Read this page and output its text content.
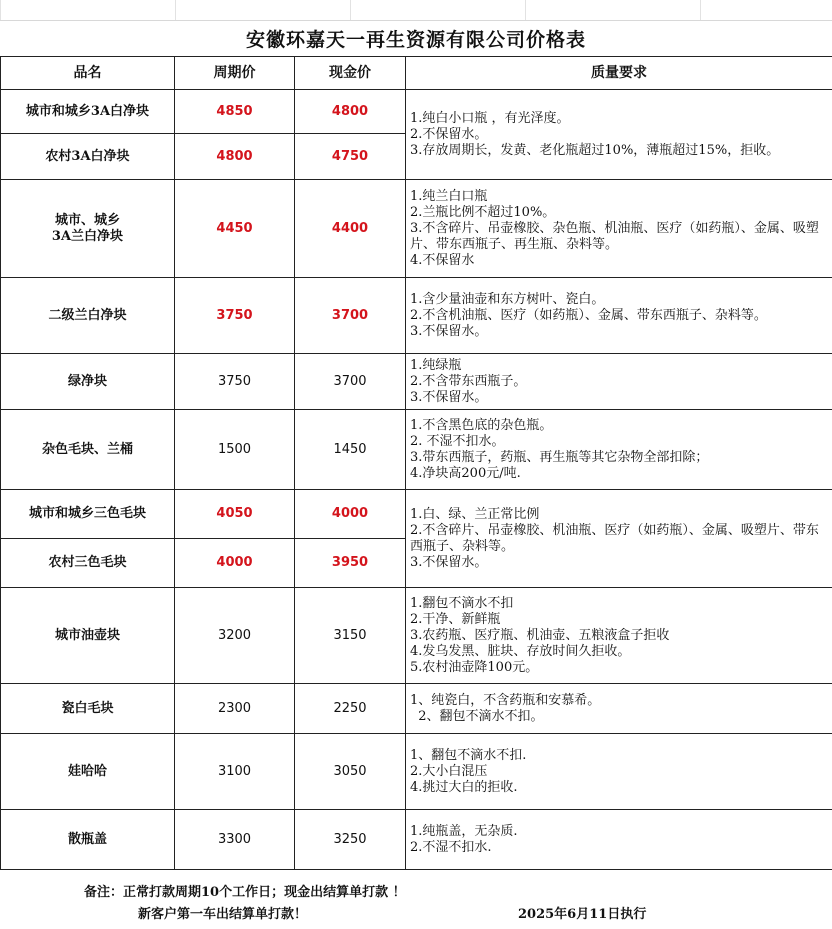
安徽环嘉天一再生资源有限公司价格表
品名	周期价	现金价	质量要求
城市和城乡3A白净块	4850	4800	1.纯白小口瓶 ，有光泽度。
2.不保留水。
3.存放周期长，发黄、老化瓶超过10%，薄瓶超过15%，拒收。

农村3A白净块	4800	4750	
城市、城乡
3A兰白净块	4450	4400	1.纯兰白口瓶
2.兰瓶比例不超过10%。
3.不含碎片、吊壶橡胶、杂色瓶、机油瓶、医疗（如药瓶）、金属、吸塑片、带东西瓶子、再生瓶、杂料等。
4.不保留水

二级兰白净块	3750	3700	1.含少量油壶和东方树叶、瓷白。
2.不含机油瓶、医疗（如药瓶）、金属、带东西瓶子、杂料等。
3.不保留水。

绿净块	3750	3700	1.纯绿瓶
2.不含带东西瓶子。
3.不保留水。

杂色毛块、兰桶	1500	1450	1.不含黑色底的杂色瓶。
2. 不湿不扣水。
3.带东西瓶子，药瓶、再生瓶等其它杂物全部扣除；
4.净块高200元/吨.

城市和城乡三色毛块	4050	4000	1.白、绿、兰正常比例
2.不含碎片、吊壶橡胶、机油瓶、医疗（如药瓶）、金属、吸塑片、带东西瓶子、杂料等。
3.不保留水。

农村三色毛块	4000	3950	
城市油壶块	3200	3150	1.翻包不滴水不扣
2.干净、新鲜瓶
3.农药瓶、医疗瓶、机油壶、五粮液盒子拒收
4.发乌发黑、脏块、存放时间久拒收。
5.农村油壶降100元。

瓷白毛块	2300	2250	1、纯瓷白，不含药瓶和安慕希。
2、翻包不滴水不扣。

娃哈哈	3100	3050	1、翻包不滴水不扣.
2.大小白混压
4.挑过大白的拒收.

散瓶盖	3300	3250	1.纯瓶盖，无杂质.
2.不湿不扣水.
备注：正常打款周期10个工作日；现金出结算单打款 ！
新客户第一车出结算单打款！	2025年6月11日执行
